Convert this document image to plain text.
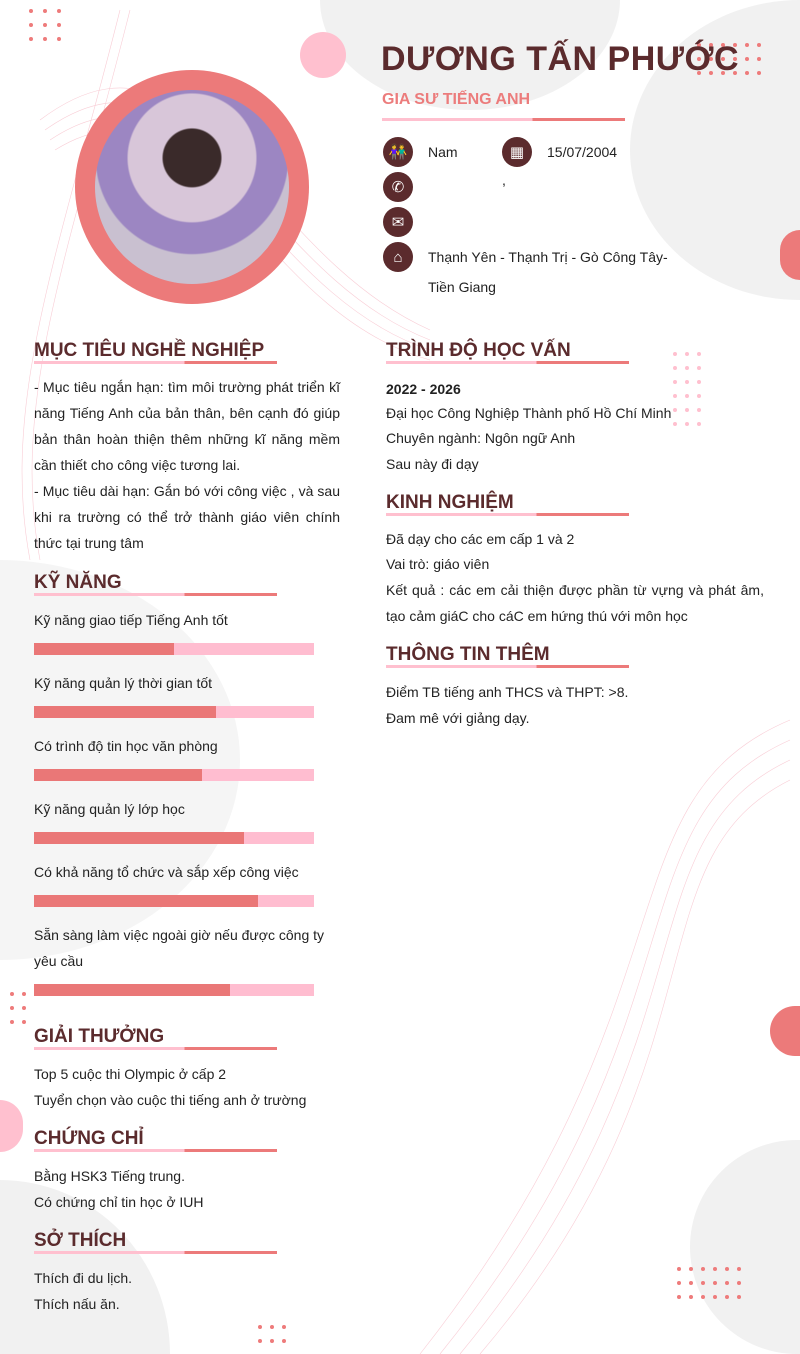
DƯƠNG TẤN PHƯỚC
GIA SƯ TIẾNG ANH
👫	Nam	▦	15/07/2004
✆	,
✉
⌂	Thạnh Yên - Thạnh Trị - Gò Công Tây-
Tiền Giang
MỤC TIÊU NGHỀ NGHIỆP
- Mục tiêu ngắn hạn: tìm môi trường phát triển kĩ năng Tiếng Anh của bản thân, bên cạnh đó giúp bản thân hoàn thiện thêm những kĩ năng mềm cần thiết cho công việc tương lai.
- Mục tiêu dài hạn: Gắn bó với công việc , và sau khi ra trường có thể trở thành giáo viên chính thức tại trung tâm
KỸ NĂNG
Kỹ năng giao tiếp Tiếng Anh tốt
Kỹ năng quản lý thời gian tốt
Có trình độ tin học văn phòng
Kỹ năng quản lý lớp học
Có khả năng tổ chức và sắp xếp công việc
Sẵn sàng làm việc ngoài giờ nếu được công ty yêu cầu
GIẢI THƯỞNG
Top 5 cuộc thi Olympic ở cấp 2
Tuyển chọn vào cuộc thi tiếng anh ở trường
CHỨNG CHỈ
Bằng HSK3 Tiếng trung.
Có chứng chỉ tin học ở IUH
SỞ THÍCH
Thích đi du lịch.
Thích nấu ăn.
TRÌNH ĐỘ HỌC VẤN
2022 - 2026
Đại học Công Nghiệp Thành phố Hồ Chí Minh
Chuyên ngành: Ngôn ngữ Anh
Sau này đi dạy
KINH NGHIỆM
Đã dạy cho các em cấp 1 và 2
Vai trò: giáo viên
Kết quả : các em cải thiện được phần từ vựng và phát âm, tạo cảm giáC cho cáC em hứng thú với môn học
THÔNG TIN THÊM
Điểm TB tiếng anh THCS và THPT: >8.
Đam mê với giảng dạy.
